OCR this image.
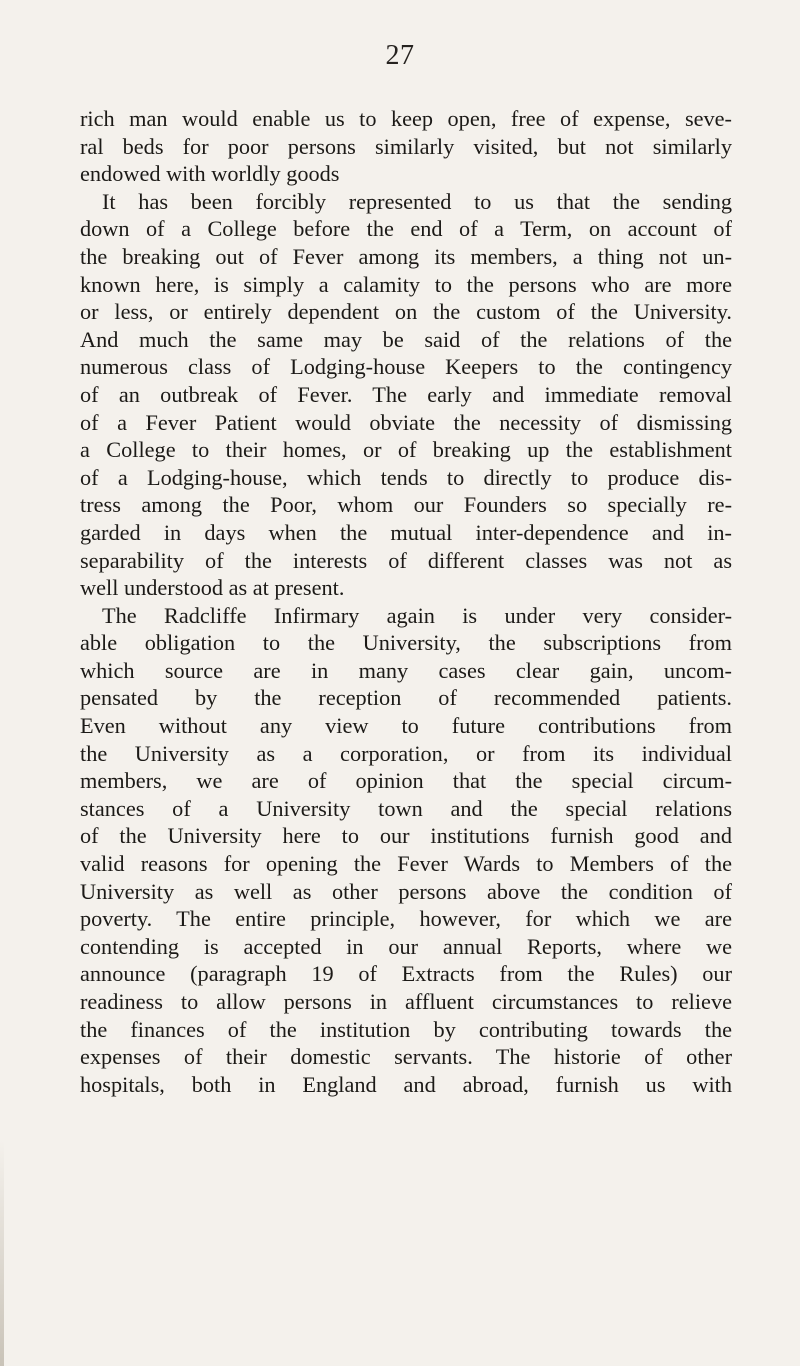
27
rich man would enable us to keep open, free of expense, seve-
ral beds for poor persons similarly visited, but not similarly
endowed with worldly goods
It has been forcibly represented to us that the sending
down of a College before the end of a Term, on account of
the breaking out of Fever among its members, a thing not un-
known here, is simply a calamity to the persons who are more
or less, or entirely dependent on the custom of the University.
And much the same may be said of the relations of the
numerous class of Lodging-house Keepers to the contingency
of an outbreak of Fever. The early and immediate removal
of a Fever Patient would obviate the necessity of dismissing
a College to their homes, or of breaking up the establishment
of a Lodging-house, which tends to directly to produce dis-
tress among the Poor, whom our Founders so specially re-
garded in days when the mutual inter-dependence and in-
separability of the interests of different classes was not as
well understood as at present.
The Radcliffe Infirmary again is under very consider-
able obligation to the University, the subscriptions from
which source are in many cases clear gain, uncom-
pensated by the reception of recommended patients.
Even without any view to future contributions from
the University as a corporation, or from its individual
members, we are of opinion that the special circum-
stances of a University town and the special relations
of the University here to our institutions furnish good and
valid reasons for opening the Fever Wards to Members of the
University as well as other persons above the condition of
poverty. The entire principle, however, for which we are
contending is accepted in our annual Reports, where we
announce (paragraph 19 of Extracts from the Rules) our
readiness to allow persons in affluent circumstances to relieve
the finances of the institution by contributing towards the
expenses of their domestic servants. The historie of other
hospitals, both in England and abroad, furnish us with
